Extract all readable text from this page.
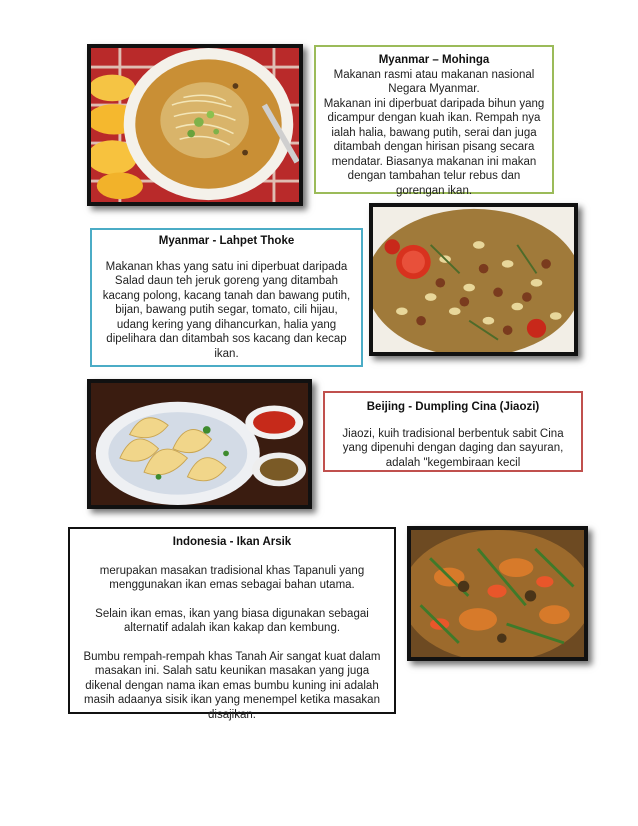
Myanmar – Mohinga

Makanan rasmi atau makanan nasional
Negara Myanmar.
Makanan ini diperbuat daripada bihun yang
dicampur dengan kuah ikan. Rempah nya
ialah halia, bawang putih, serai dan juga
ditambah dengan hirisan pisang secara
mendatar. Biasanya makanan ini makan
dengan tambahan telur rebus dan
gorengan ikan.

Myanmar - Lahpet Thoke

Makanan khas yang satu ini diperbuat daripada
Salad daun teh jeruk goreng yang ditambah
kacang polong, kacang tanah dan bawang putih,
bijan, bawang putih segar, tomato, cili hijau,
udang kering yang dihancurkan, halia yang
dipelihara dan ditambah sos kacang dan kecap
ikan.

Beijing - Dumpling Cina (Jiaozi)

Jiaozi, kuih tradisional berbentuk sabit Cina
yang dipenuhi dengan daging dan sayuran,
adalah "kegembiraan kecil

Indonesia - Ikan Arsik

merupakan masakan tradisional khas Tapanuli yang
menggunakan ikan emas sebagai bahan utama.

Selain ikan emas, ikan yang biasa digunakan sebagai
alternatif adalah ikan kakap dan kembung.

Bumbu rempah-rempah khas Tanah Air sangat kuat dalam
masakan ini. Salah satu keunikan masakan yang juga
dikenal dengan nama ikan emas bumbu kuning ini adalah
masih adaanya sisik ikan yang menempel ketika masakan
disajikan.
